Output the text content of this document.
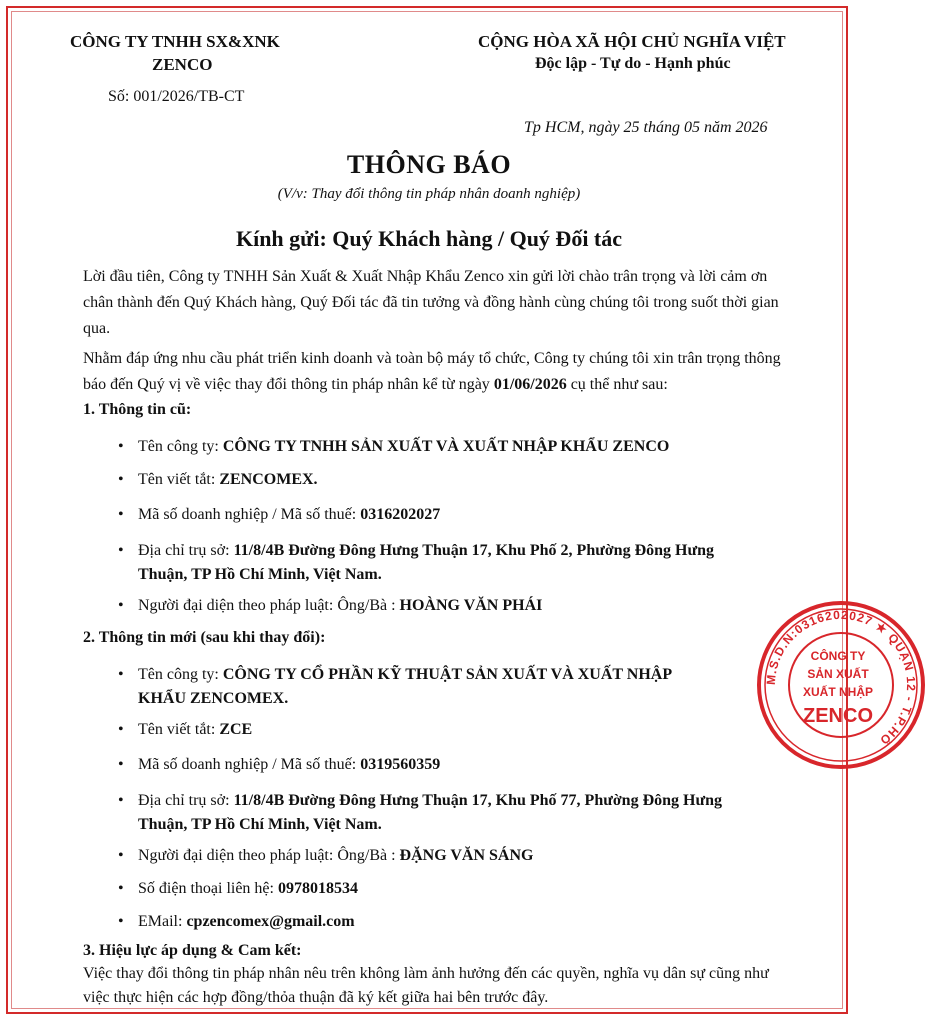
CÔNG TY TNHH SX&XNK
ZENCO
Số: 001/2026/TB-CT
CỘNG HÒA XÃ HỘI CHỦ NGHĨA VIỆT
Độc lập - Tự do - Hạnh phúc
Tp HCM, ngày 25 tháng 05 năm 2026
THÔNG BÁO
(V/v: Thay đổi thông tin pháp nhân doanh nghiệp)
Kính gửi: Quý Khách hàng / Quý Đối tác
Lời đầu tiên, Công ty TNHH Sản Xuất & Xuất Nhập Khẩu Zenco xin gửi lời chào trân trọng và lời cảm ơn chân thành đến Quý Khách hàng, Quý Đối tác đã tin tưởng và đồng hành cùng chúng tôi trong suốt thời gian qua.
Nhằm đáp ứng nhu cầu phát triển kinh doanh và toàn bộ máy tổ chức, Công ty chúng tôi xin trân trọng thông báo đến Quý vị về việc thay đổi thông tin pháp nhân kể từ ngày 01/06/2026 cụ thể như sau:
1. Thông tin cũ:
• Tên công ty: CÔNG TY TNHH SẢN XUẤT VÀ XUẤT NHẬP KHẨU ZENCO
• Tên viết tắt: ZENCOMEX.
• Mã số doanh nghiệp / Mã số thuế: 0316202027
• Địa chỉ trụ sở: 11/8/4B Đường Đông Hưng Thuận 17, Khu Phố 2, Phường Đông Hưng Thuận, TP Hồ Chí Minh, Việt Nam.
• Người đại diện theo pháp luật: Ông/Bà : HOÀNG VĂN PHÁI
2. Thông tin mới (sau khi thay đổi):
• Tên công ty: CÔNG TY CỔ PHẦN KỸ THUẬT SẢN XUẤT VÀ XUẤT NHẬP KHẨU ZENCOMEX.
• Tên viết tắt: ZCE
• Mã số doanh nghiệp / Mã số thuế: 0319560359
• Địa chỉ trụ sở: 11/8/4B Đường Đông Hưng Thuận 17, Khu Phố 77, Phường Đông Hưng Thuận, TP Hồ Chí Minh, Việt Nam.
• Người đại diện theo pháp luật: Ông/Bà : ĐẶNG VĂN SÁNG
• Số điện thoại liên hệ: 0978018534
• EMail: cpzencomex@gmail.com
3. Hiệu lực áp dụng & Cam kết:
Việc thay đổi thông tin pháp nhân nêu trên không làm ảnh hưởng đến các quyền, nghĩa vụ dân sự cũng như việc thực hiện các hợp đồng/thỏa thuận đã ký kết giữa hai bên trước đây.
M.S.D.N:0316202027 ★ QUẬN 12 - T.P.HỒ
CÔNG TY
SẢN XUẤT
XUẤT NHẬP
ZENCO
